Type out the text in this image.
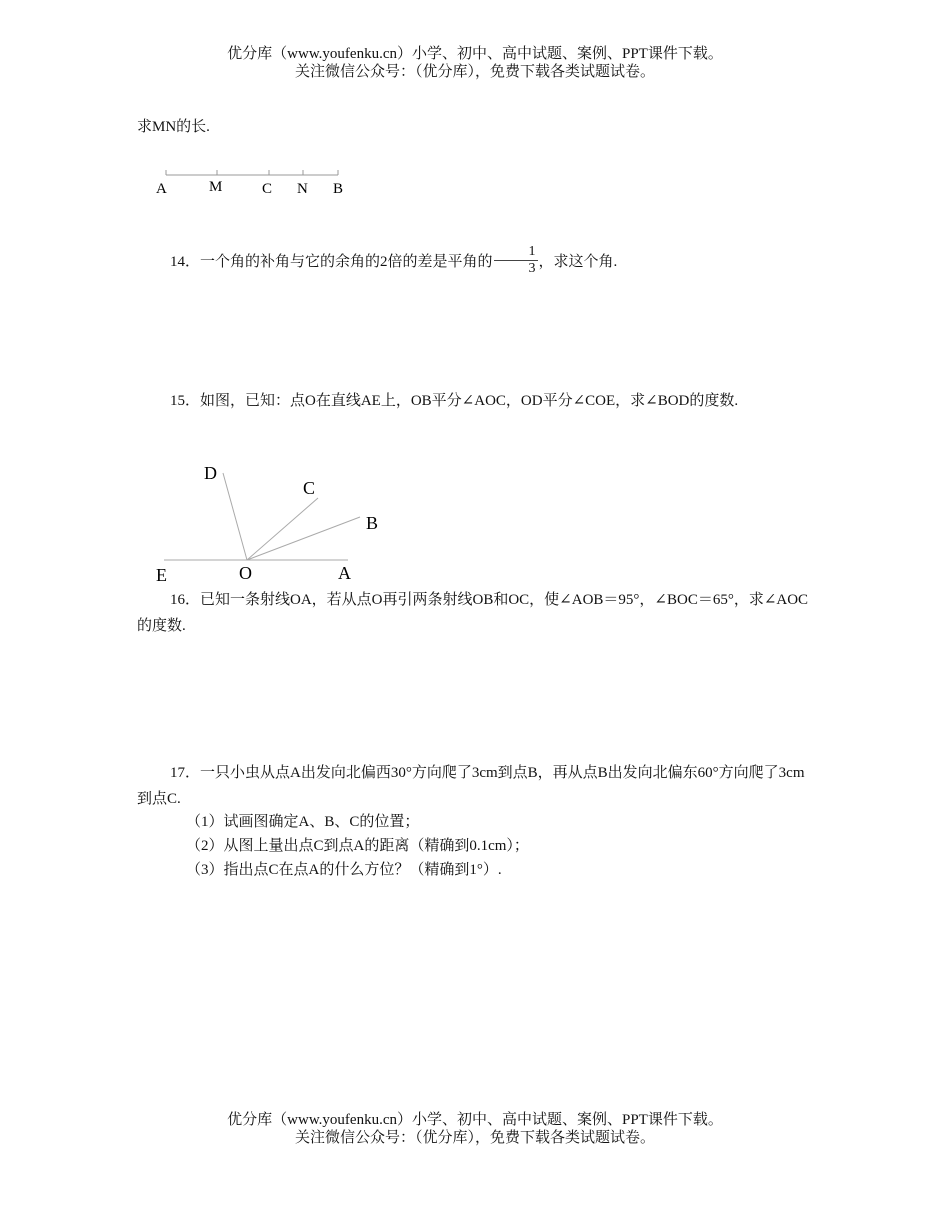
优分库（www.youfenku.cn）小学、初中、高中试题、案例、PPT课件下载。
关注微信公众号：（优分库），免费下载各类试题试卷。
求MN的长.
A	M	C N B
14．一个角的补角与它的余角的2倍的差是平角的 $\frac{1}{3}$ ，求这个角.
15．如图，已知：点O在直线AE上，OB平分∠AOC，OD平分∠COE，求∠BOD的度数.
D
C
B
E	O	A
16．已知一条射线OA，若从点O再引两条射线OB和OC，使∠AOB＝95°，∠BOC＝65°，求∠AOC的度数.
17．一只小虫从点A出发向北偏西30°方向爬了3cm到点B，再从点B出发向北偏东60°方向爬了3cm到点C.
（1）试画图确定A、B、C的位置；
（2）从图上量出点C到点A的距离（精确到0.1cm）；
（3）指出点C在点A的什么方位？（精确到1°）.
优分库（www.youfenku.cn）小学、初中、高中试题、案例、PPT课件下载。
关注微信公众号：（优分库），免费下载各类试题试卷。
